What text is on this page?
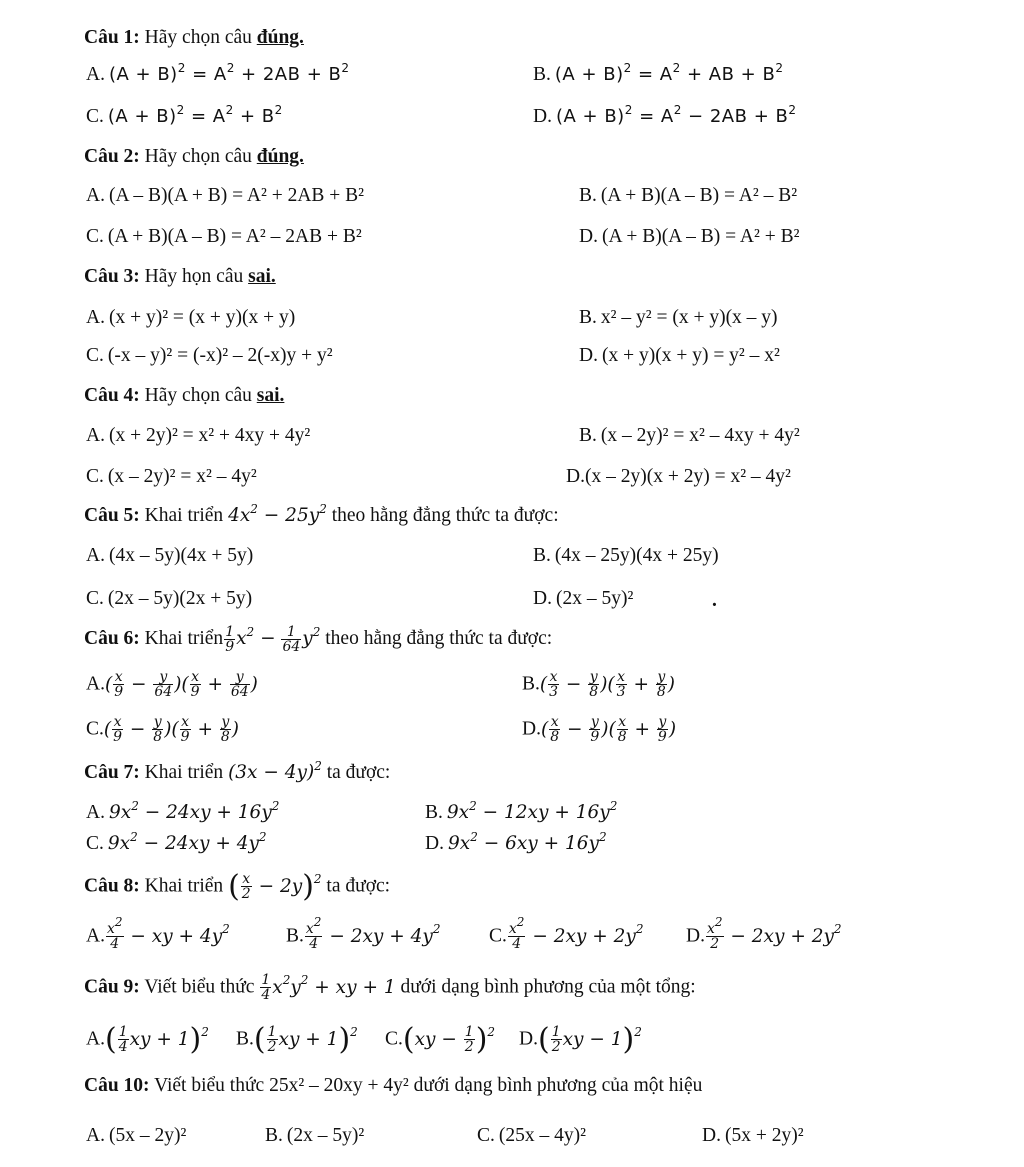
Câu 1: Hãy chọn câu đúng.
A. $(A + B)^2 = A^2 + 2AB + B^2$	B. $(A + B)^2 = A^2$ + AB + $B^2$
C. $(A + B)^2 = A^2 + B^2$	D. $(A + B)^2 = A^2 - 2AB + B^2$
Câu 2: Hãy chọn câu đúng.
A. (A – B)(A + B) = A² + 2AB + B²	B. (A + B)(A – B) = A² – B²
C. (A + B)(A – B) = A² – 2AB + B²	D. (A + B)(A – B) = A² + B²
Câu 3: Hãy họn câu sai.
A. (x + y)² = (x + y)(x + y)	B. x² – y² = (x + y)(x – y)
C. (-x – y)² = (-x)² – 2(-x)y + y²	D. (x + y)(x + y) = y² – x²
Câu 4: Hãy chọn câu sai.
A. (x + 2y)² = x² + 4xy + 4y²	B. (x – 2y)² = x² – 4xy + 4y²
C. (x – 2y)² = x² – 4y²	D.(x – 2y)(x + 2y) = x² – 4y²
Câu 5: Khai triển $4x^2 - 25y^2$ theo hằng đẳng thức ta được:
A. (4x – 5y)(4x + 5y)	B. (4x – 25y)(4x + 25y)
C. (2x – 5y)(2x + 5y)	D. (2x – 5y)²	.
Câu 6: Khai triển $\frac{1}{9} x^2 - \frac{1}{64} y^2$ theo hằng đẳng thức ta được:
$A.( \frac{x}{9} - \frac{y}{64}$ )( $\frac{x}{9} + \frac{y}{64}$ )	$B.( \frac{x}{3} - \frac{y}{8}$ )( $\frac{x}{3} + \frac{y}{8}$ )
$C.( \frac{x}{9} - \frac{y}{8}$ )( $\frac{x}{9} + \frac{y}{8}$ )	$D.( \frac{x}{8} - \frac{y}{9}$ )( $\frac{x}{8} + \frac{y}{9}$ )
Câu 7: Khai triển $(3x - 4y)^2$ ta được:
A. $9x^2 - 24xy + 16y^2$	B. $9x^2 - 12xy + 16y^2$
C. $9x^2 - 24xy + 4y^2$	D. $9x^2 - 6xy + 16y^2$
Câu 8: Khai triển ( $\frac{x}{2} - 2y)^2$ ta được:
A. $\frac{x^2}{4}$ − xy + $4y^2$	B. $\frac{x^2}{4} - 2xy + 4y^2$ C. $\frac{x^2}{4} - 2xy + 2y^2$ D. $\frac{x^2}{2} - 2xy + 2y^2$
Câu 9: Viết biểu thức $\frac{1}{4} x^2y^2$ + xy + 1 dưới dạng bình phương của một tổng:
$A.( \frac{1}{4}$ xy + 1)$^2$ $B.( \frac{1}{2}$ xy + 1)$^2$ $C.(xy - \frac{1}{2} )^2$ $D.( \frac{1}{2}$ xy − 1)$^2$
Câu 10: Viết biểu thức 25x² – 20xy + 4y² dưới dạng bình phương của một hiệu
A. (5x – 2y)²	B. (2x – 5y)²	C. (25x – 4y)²	D. (5x + 2y)²
